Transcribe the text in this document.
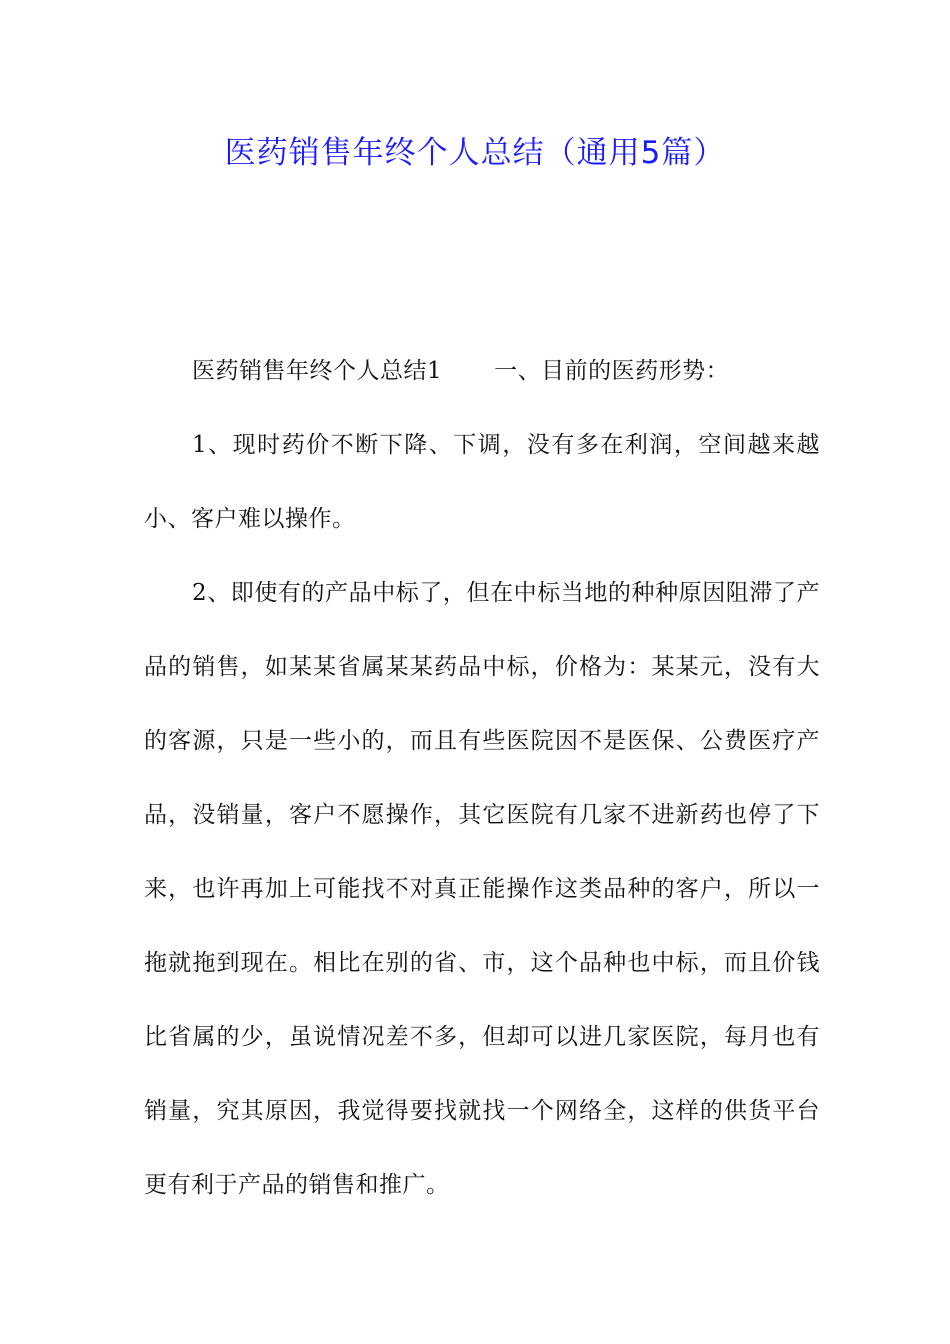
医药销售年终个人总结（通用5篇）

医药销售年终个人总结1 一、目前的医药形势：

1、现时药价不断下降、下调，没有多在利润，空间越来越小、客户难以操作。

2、即使有的产品中标了，但在中标当地的种种原因阻滞了产品的销售，如某某省属某某药品中标，价格为：某某元，没有大的客源，只是一些小的，而且有些医院因不是医保、公费医疗产品，没销量，客户不愿操作，其它医院有几家不进新药也停了下来，也许再加上可能找不对真正能操作这类品种的客户，所以一拖就拖到现在。相比在别的省、市，这个品种也中标，而且价钱比省属的少，虽说情况差不多，但却可以进几家医院，每月也有销量，究其原因，我觉得要找就找一个网络全，这样的供货平台更有利于产品的销售和推广。
